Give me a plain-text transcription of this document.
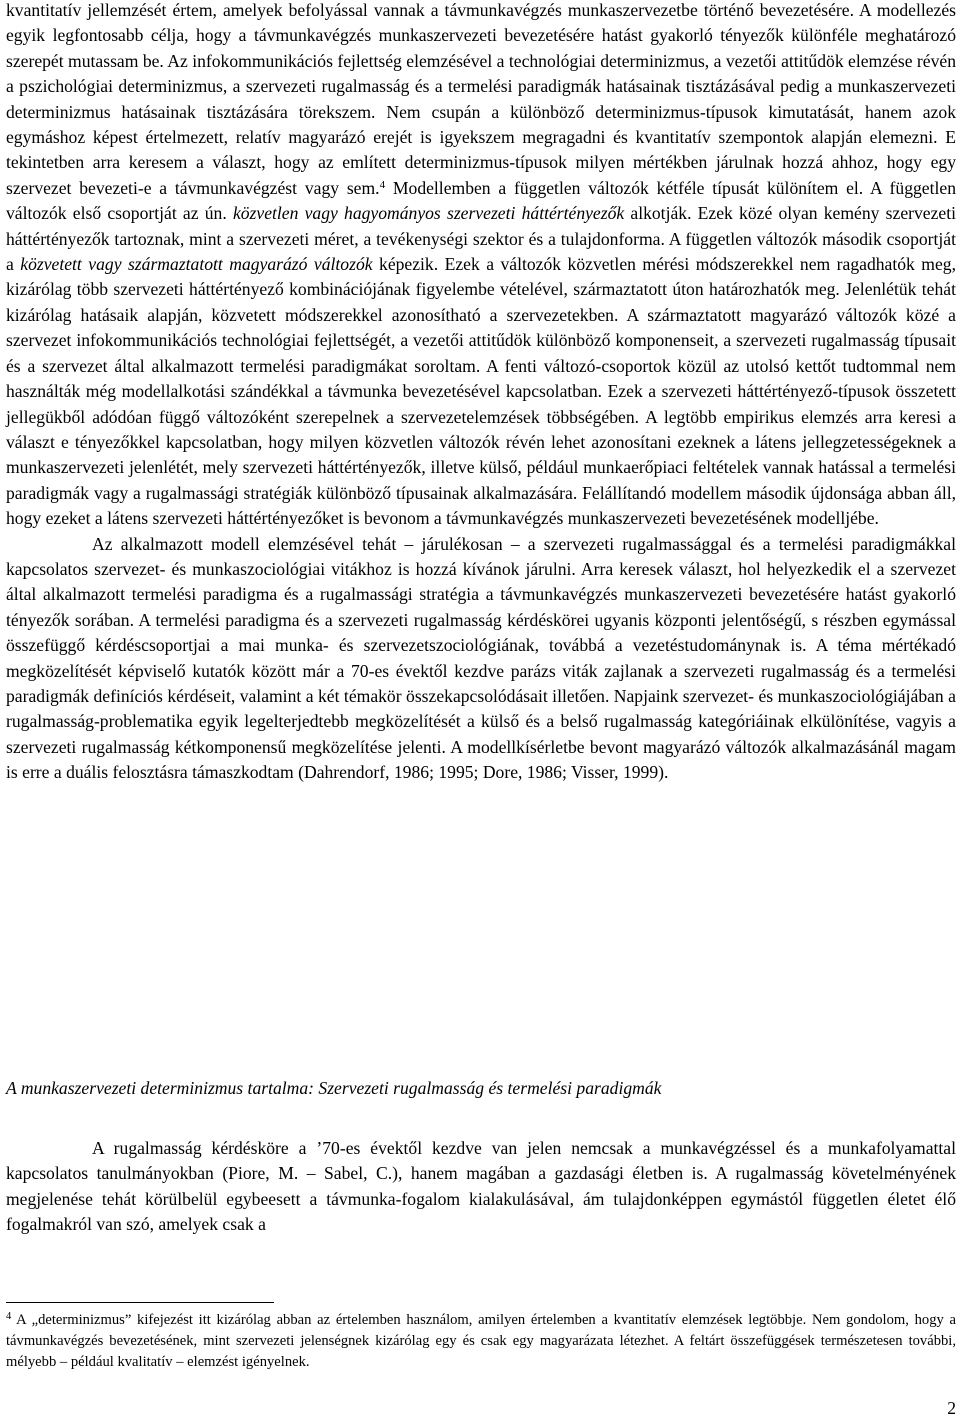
kvantitatív jellemzését értem, amelyek befolyással vannak a távmunkavégzés munkaszervezetbe történő bevezetésére. A modellezés egyik legfontosabb célja, hogy a távmunkavégzés munkaszervezeti bevezetésére hatást gyakorló tényezők különféle meghatározó szerepét mutassam be. Az infokommunikációs fejlettség elemzésével a technológiai determinizmus, a vezetői attitűdök elemzése révén a pszichológiai determinizmus, a szervezeti rugalmasság és a termelési paradigmák hatásainak tisztázásával pedig a munkaszervezeti determinizmus hatásainak tisztázására törekszem. Nem csupán a különböző determinizmus-típusok kimutatását, hanem azok egymáshoz képest értelmezett, relatív magyarázó erejét is igyekszem megragadni és kvantitatív szempontok alapján elemezni. E tekintetben arra keresem a választ, hogy az említett determinizmus-típusok milyen mértékben járulnak hozzá ahhoz, hogy egy szervezet bevezeti-e a távmunkavégzést vagy sem.$^4$ Modellemben a független változók kétféle típusát különítem el. A független változók első csoportját az ún. közvetlen vagy hagyományos szervezeti háttértényezők alkotják. Ezek közé olyan kemény szervezeti háttértényezők tartoznak, mint a szervezeti méret, a tevékenységi szektor és a tulajdonforma. A független változók második csoportját a közvetett vagy származtatott magyarázó változók képezik. Ezek a változók közvetlen mérési módszerekkel nem ragadhatók meg, kizárólag több szervezeti háttértényező kombinációjának figyelembe vételével, származtatott úton határozhatók meg. Jelenlétük tehát kizárólag hatásaik alapján, közvetett módszerekkel azonosítható a szervezetekben. A származtatott magyarázó változók közé a szervezet infokommunikációs technológiai fejlettségét, a vezetői attitűdök különböző komponenseit, a szervezeti rugalmasság típusait és a szervezet által alkalmazott termelési paradigmákat soroltam. A fenti változó-csoportok közül az utolsó kettőt tudtommal nem használták még modellalkotási szándékkal a távmunka bevezetésével kapcsolatban. Ezek a szervezeti háttértényező-típusok összetett jellegükből adódóan függő változóként szerepelnek a szervezetelemzések többségében. A legtöbb empirikus elemzés arra keresi a választ e tényezőkkel kapcsolatban, hogy milyen közvetlen változók révén lehet azonosítani ezeknek a látens jellegzetességeknek a munkaszervezeti jelenlétét, mely szervezeti háttértényezők, illetve külső, például munkaerőpiaci feltételek vannak hatással a termelési paradigmák vagy a rugalmassági stratégiák különböző típusainak alkalmazására. Felállítandó modellem második újdonsága abban áll, hogy ezeket a látens szervezeti háttértényezőket is bevonom a távmunkavégzés munkaszervezeti bevezetésének modelljébe.
Az alkalmazott modell elemzésével tehát – járulékosan – a szervezeti rugalmassággal és a termelési paradigmákkal kapcsolatos szervezet- és munkaszociológiai vitákhoz is hozzá kívánok járulni. Arra keresek választ, hol helyezkedik el a szervezet által alkalmazott termelési paradigma és a rugalmassági stratégia a távmunkavégzés munkaszervezeti bevezetésére hatást gyakorló tényezők sorában. A termelési paradigma és a szervezeti rugalmasság kérdéskörei ugyanis központi jelentőségű, s részben egymással összefüggő kérdéscsoportjai a mai munka- és szervezetszociológiának, továbbá a vezetéstudománynak is. A téma mértékadó megközelítését képviselő kutatók között már a 70-es évektől kezdve parázs viták zajlanak a szervezeti rugalmasság és a termelési paradigmák definíciós kérdéseit, valamint a két témakör összekapcsolódásait illetően. Napjaink szervezet- és munkaszociológiájában a rugalmasság-problematika egyik legelterjedtebb megközelítését a külső és a belső rugalmasság kategóriáinak elkülönítése, vagyis a szervezeti rugalmasság kétkomponensű megközelítése jelenti. A modellkísérletbe bevont magyarázó változók alkalmazásánál magam is erre a duális felosztásra támaszkodtam (Dahrendorf, 1986; 1995; Dore, 1986; Visser, 1999).

A munkaszervezeti determinizmus tartalma: Szervezeti rugalmasság és termelési paradigmák

A rugalmasság kérdésköre a ’70-es évektől kezdve van jelen nemcsak a munkavégzéssel és a munkafolyamattal kapcsolatos tanulmányokban (Piore, M. – Sabel, C.), hanem magában a gazdasági életben is. A rugalmasság követelményének megjelenése tehát körülbelül egybeesett a távmunka-fogalom kialakulásával, ám tulajdonképpen egymástól független életet élő fogalmakról van szó, amelyek csak a

$^4$ A „determinizmus” kifejezést itt kizárólag abban az értelemben használom, amilyen értelemben a kvantitatív elemzések legtöbbje. Nem gondolom, hogy a távmunkavégzés bevezetésének, mint szervezeti jelenségnek kizárólag egy és csak egy magyarázata létezhet. A feltárt összefüggések természetesen további, mélyebb – például kvalitatív – elemzést igényelnek.

2
